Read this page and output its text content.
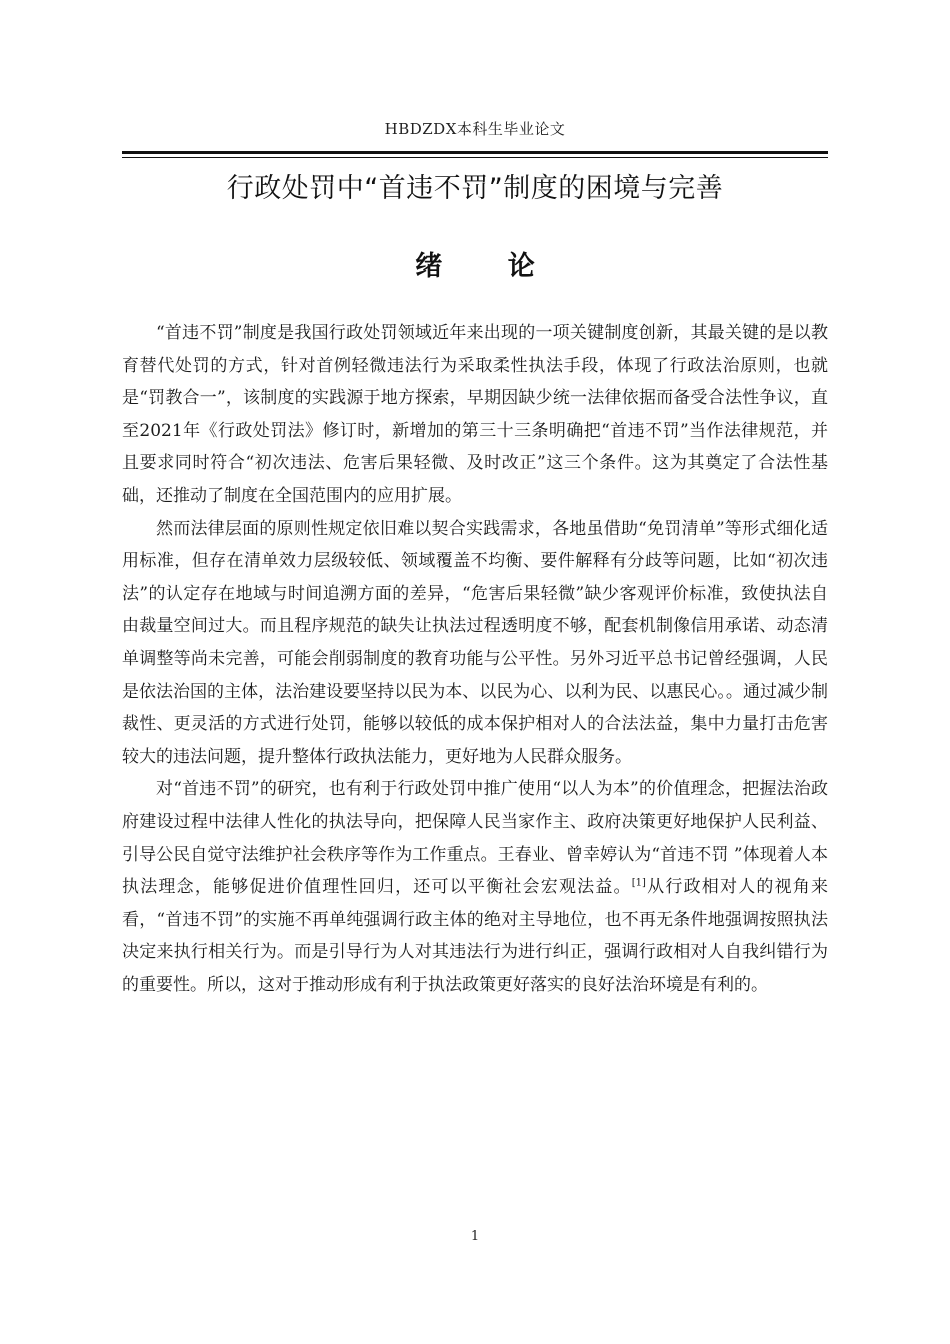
HBDZDX本科生毕业论文
行政处罚中“首违不罚”制度的困境与完善
绪 论

“首违不罚”制度是我国行政处罚领域近年来出现的一项关键制度创新，其最关键的是以教育替代处罚的方式，针对首例轻微违法行为采取柔性执法手段，体现了行政法治原则，也就是“罚教合一”，该制度的实践源于地方探索，早期因缺少统一法律依据而备受合法性争议，直至2021年《行政处罚法》修订时，新增加的第三十三条明确把“首违不罚”当作法律规范，并且要求同时符合“初次违法、危害后果轻微、及时改正”这三个条件。这为其奠定了合法性基础，还推动了制度在全国范围内的应用扩展。

然而法律层面的原则性规定依旧难以契合实践需求，各地虽借助“免罚清单”等形式细化适用标准，但存在清单效力层级较低、领域覆盖不均衡、要件解释有分歧等问题，比如“初次违法”的认定存在地域与时间追溯方面的差异，“危害后果轻微”缺少客观评价标准，致使执法自由裁量空间过大。而且程序规范的缺失让执法过程透明度不够，配套机制像信用承诺、动态清单调整等尚未完善，可能会削弱制度的教育功能与公平性。另外习近平总书记曾经强调，人民是依法治国的主体，法治建设要坚持以民为本、以民为心、以利为民、以惠民心。。通过减少制裁性、更灵活的方式进行处罚，能够以较低的成本保护相对人的合法法益，集中力量打击危害较大的违法问题，提升整体行政执法能力，更好地为人民群众服务。

对“首违不罚”的研究，也有利于行政处罚中推广使用“以人为本”的价值理念，把握法治政府建设过程中法律人性化的执法导向，把保障人民当家作主、政府决策更好地保护人民利益、引导公民自觉守法维护社会秩序等作为工作重点。王春业、曾幸婷认为“首违不罚 ”体现着人本执法理念，能够促进价值理性回归，还可以平衡社会宏观法益。[1]从行政相对人的视角来看，“首违不罚”的实施不再单纯强调行政主体的绝对主导地位，也不再无条件地强调按照执法决定来执行相关行为。而是引导行为人对其违法行为进行纠正，强调行政相对人自我纠错行为的重要性。所以，这对于推动形成有利于执法政策更好落实的良好法治环境是有利的。

1
